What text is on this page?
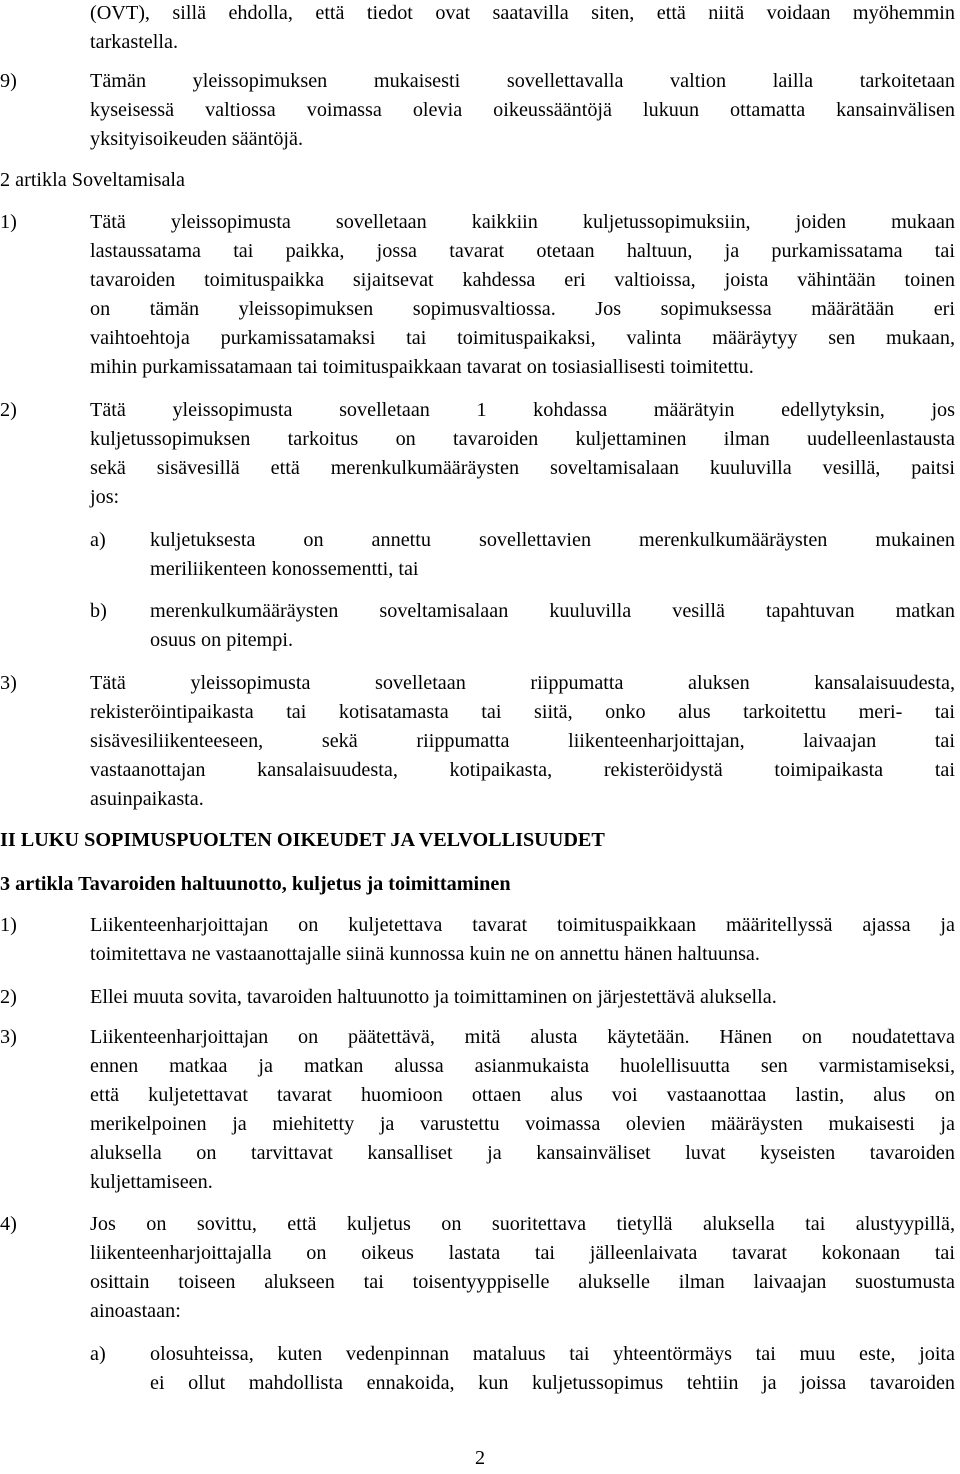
(OVT), sillä ehdolla, että tiedot ovat saatavilla siten, että niitä voidaan myöhemmin
tarkastella.
9)	Tämän yleissopimuksen mukaisesti sovellettavalla valtion lailla tarkoitetaan
kyseisessä valtiossa voimassa olevia oikeussääntöjä lukuun ottamatta kansainvälisen
yksityisoikeuden sääntöjä.
2 artikla Soveltamisala
1)	Tätä yleissopimusta sovelletaan kaikkiin kuljetussopimuksiin, joiden mukaan
lastaussatama tai paikka, jossa tavarat otetaan haltuun, ja purkamissatama tai
tavaroiden toimituspaikka sijaitsevat kahdessa eri valtioissa, joista vähintään toinen
on tämän yleissopimuksen sopimusvaltiossa. Jos sopimuksessa määrätään eri
vaihtoehtoja purkamissatamaksi tai toimituspaikaksi, valinta määräytyy sen mukaan,
mihin purkamissatamaan tai toimituspaikkaan tavarat on tosiasiallisesti toimitettu.
2)	Tätä yleissopimusta sovelletaan 1 kohdassa määrätyin edellytyksin, jos
kuljetussopimuksen tarkoitus on tavaroiden kuljettaminen ilman uudelleenlastausta
sekä sisävesillä että merenkulkumääräysten soveltamisalaan kuuluvilla vesillä, paitsi
jos:
a) kuljetuksesta on annettu sovellettavien merenkulkumääräysten mukainen
meriliikenteen konossementti, tai
b) merenkulkumääräysten soveltamisalaan kuuluvilla vesillä tapahtuvan matkan
osuus on pitempi.
3)	Tätä yleissopimusta sovelletaan riippumatta aluksen kansalaisuudesta,
rekisteröintipaikasta tai kotisatamasta tai siitä, onko alus tarkoitettu meri- tai
sisävesiliikenteeseen, sekä riippumatta liikenteenharjoittajan, laivaajan tai
vastaanottajan kansalaisuudesta, kotipaikasta, rekisteröidystä toimipaikasta tai
asuinpaikasta.
II LUKU SOPIMUSPUOLTEN OIKEUDET JA VELVOLLISUUDET
3 artikla Tavaroiden haltuunotto, kuljetus ja toimittaminen
1)	Liikenteenharjoittajan on kuljetettava tavarat toimituspaikkaan määritellyssä ajassa ja
toimitettava ne vastaanottajalle siinä kunnossa kuin ne on annettu hänen haltuunsa.
2)	Ellei muuta sovita, tavaroiden haltuunotto ja toimittaminen on järjestettävä aluksella.
3)	Liikenteenharjoittajan on päätettävä, mitä alusta käytetään. Hänen on noudatettava
ennen matkaa ja matkan alussa asianmukaista huolellisuutta sen varmistamiseksi,
että kuljetettavat tavarat huomioon ottaen alus voi vastaanottaa lastin, alus on
merikelpoinen ja miehitetty ja varustettu voimassa olevien määräysten mukaisesti ja
aluksella on tarvittavat kansalliset ja kansainväliset luvat kyseisten tavaroiden
kuljettamiseen.
4)	Jos on sovittu, että kuljetus on suoritettava tietyllä aluksella tai alustyypillä,
liikenteenharjoittajalla on oikeus lastata tai jälleenlaivata tavarat kokonaan tai
osittain toiseen alukseen tai toisentyyppiselle alukselle ilman laivaajan suostumusta
ainoastaan:
a) olosuhteissa, kuten vedenpinnan mataluus tai yhteentörmäys tai muu este, joita
ei ollut mahdollista ennakoida, kun kuljetussopimus tehtiin ja joissa tavaroiden
2
